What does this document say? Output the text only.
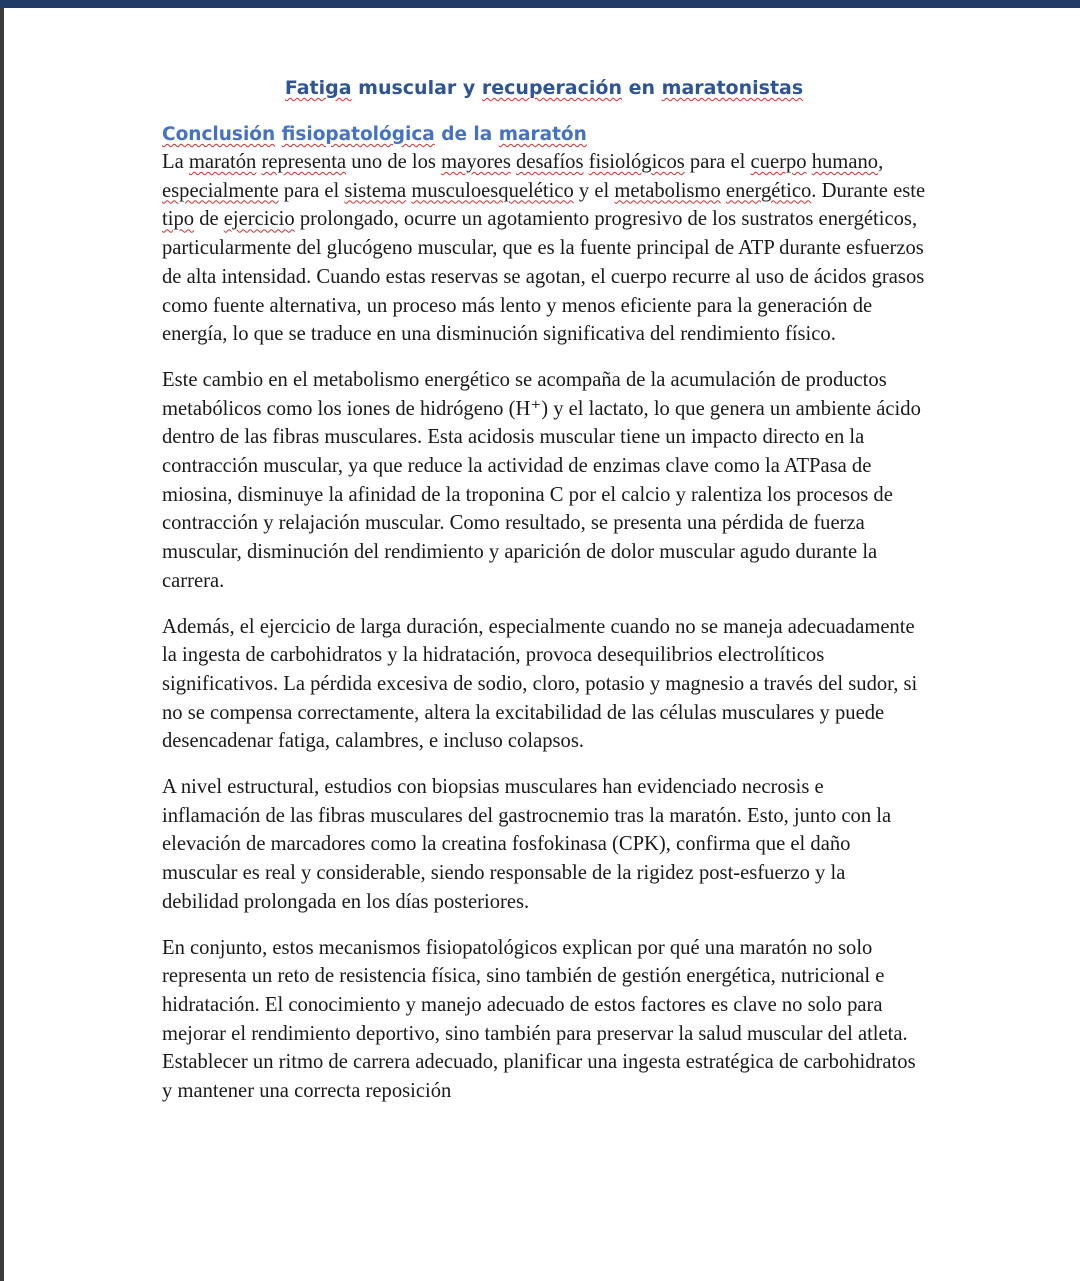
Fatiga muscular y recuperación en maratonistas
Conclusión fisiopatológica de la maratón

La maratón representa uno de los mayores desafíos fisiológicos para el cuerpo humano, especialmente para el sistema musculoesquelético y el metabolismo energético. Durante este tipo de ejercicio prolongado, ocurre un agotamiento progresivo de los sustratos energéticos, particularmente del glucógeno muscular, que es la fuente principal de ATP durante esfuerzos de alta intensidad. Cuando estas reservas se agotan, el cuerpo recurre al uso de ácidos grasos como fuente alternativa, un proceso más lento y menos eficiente para la generación de energía, lo que se traduce en una disminución significativa del rendimiento físico.

Este cambio en el metabolismo energético se acompaña de la acumulación de productos metabólicos como los iones de hidrógeno (H⁺) y el lactato, lo que genera un ambiente ácido dentro de las fibras musculares. Esta acidosis muscular tiene un impacto directo en la contracción muscular, ya que reduce la actividad de enzimas clave como la ATPasa de miosina, disminuye la afinidad de la troponina C por el calcio y ralentiza los procesos de contracción y relajación muscular. Como resultado, se presenta una pérdida de fuerza muscular, disminución del rendimiento y aparición de dolor muscular agudo durante la carrera.

Además, el ejercicio de larga duración, especialmente cuando no se maneja adecuadamente la ingesta de carbohidratos y la hidratación, provoca desequilibrios electrolíticos significativos. La pérdida excesiva de sodio, cloro, potasio y magnesio a través del sudor, si no se compensa correctamente, altera la excitabilidad de las células musculares y puede desencadenar fatiga, calambres, e incluso colapsos.

A nivel estructural, estudios con biopsias musculares han evidenciado necrosis e inflamación de las fibras musculares del gastrocnemio tras la maratón. Esto, junto con la elevación de marcadores como la creatina fosfokinasa (CPK), confirma que el daño muscular es real y considerable, siendo responsable de la rigidez post-esfuerzo y la debilidad prolongada en los días posteriores.

En conjunto, estos mecanismos fisiopatológicos explican por qué una maratón no solo representa un reto de resistencia física, sino también de gestión energética, nutricional e hidratación. El conocimiento y manejo adecuado de estos factores es clave no solo para mejorar el rendimiento deportivo, sino también para preservar la salud muscular del atleta. Establecer un ritmo de carrera adecuado, planificar una ingesta estratégica de carbohidratos y mantener una correcta reposición
